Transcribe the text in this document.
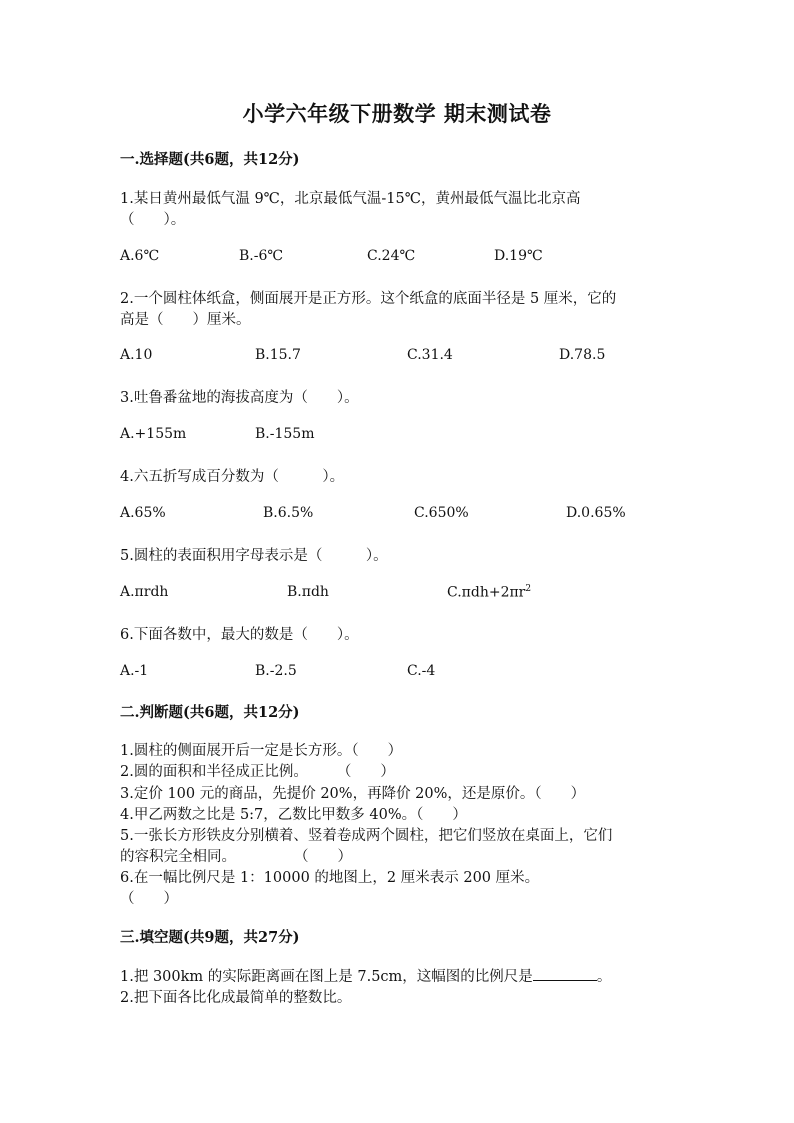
小学六年级下册数学 期末测试卷
一.选择题(共6题，共12分)
1.某日黄州最低气温 9℃，北京最低气温-15℃，黄州最低气温比北京高
（　　）。

A.6℃

	B.-6℃

	C.24℃

	D.19℃

2.一个圆柱体纸盒，侧面展开是正方形。这个纸盒的底面半径是 5 厘米，它的
高是（　　）厘米。

A.10

	B.15.7

	C.31.4

	D.78.5

3.吐鲁番盆地的海拔高度为（　　）。

A.+155m

	B.-155m

4.六五折写成百分数为（　　　）。

A.65%

	B.6.5%

	C.650%

	D.0.65%

5.圆柱的表面积用字母表示是（　　　）。

A.πrdh

	B.πdh

	$C.\pi dh+2\pi r^2$

6.下面各数中，最大的数是（　　）。

A.-1

	B.-2.5

	C.-4

二.判断题(共6题，共12分)
1.圆柱的侧面展开后一定是长方形。（　　）
2.圆的面积和半径成正比例。　　　（　　）
3.定价 100 元的商品，先提价 20%，再降价 20%，还是原价。（　　）
4.甲乙两数之比是 5:7，乙数比甲数多 40%。（　　）
5.一张长方形铁皮分别横着、竖着卷成两个圆柱，把它们竖放在桌面上，它们
的容积完全相同。　　　　　（　　）
6.在一幅比例尺是 1：10000 的地图上，2 厘米表示 200 厘米。
（　　）
三.填空题(共9题，共27分)
1.把 300km 的实际距离画在图上是 7.5cm，这幅图的比例尺是	。
2.把下面各比化成最简单的整数比。
